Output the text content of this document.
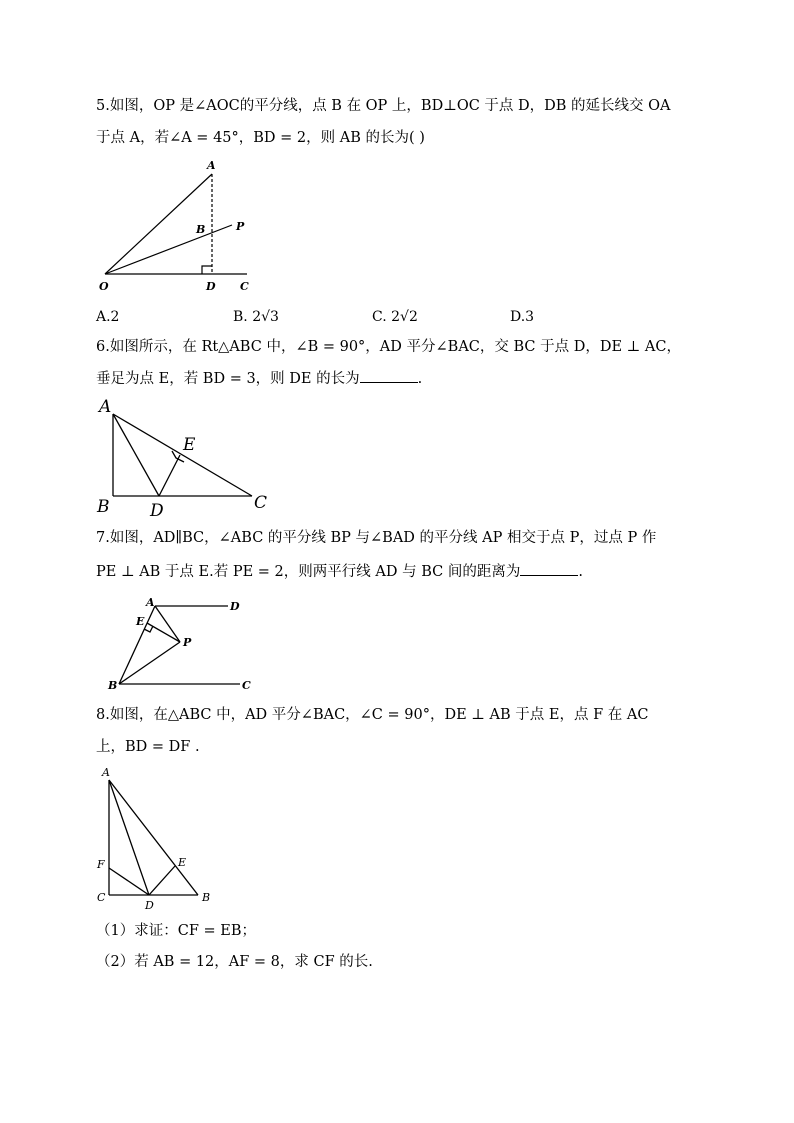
5.如图，OP 是∠AOC的平分线，点 B 在 OP 上，BD⊥OC 于点 D，DB 的延长线交 OA
于点 A，若∠A = 45°，BD = 2，则 AB 的长为( )
A
B	P
O	D C
A.2	B. 2√3	C. 2√2	D.3
6.如图所示，在 Rt△ABC 中，∠B = 90°，AD 平分∠BAC，交 BC 于点 D，DE ⊥ AC，
垂足为点 E，若 BD = 3，则 DE 的长为	.
A
E
B D	C
7.如图，AD∥BC，∠ABC 的平分线 BP 与∠BAD 的平分线 AP 相交于点 P，过点 P 作
PE ⊥ AB 于点 E.若 PE = 2，则两平行线 AD 与 BC 间的距离为	.
A	D
E
P
B	C
8.如图，在△ABC 中，AD 平分∠BAC，∠C = 90°，DE ⊥ AB 于点 E，点 F 在 AC
上，BD = DF .
A
F	E
C
D
B
（1）求证：CF = EB；
（2）若 AB = 12，AF = 8，求 CF 的长.
